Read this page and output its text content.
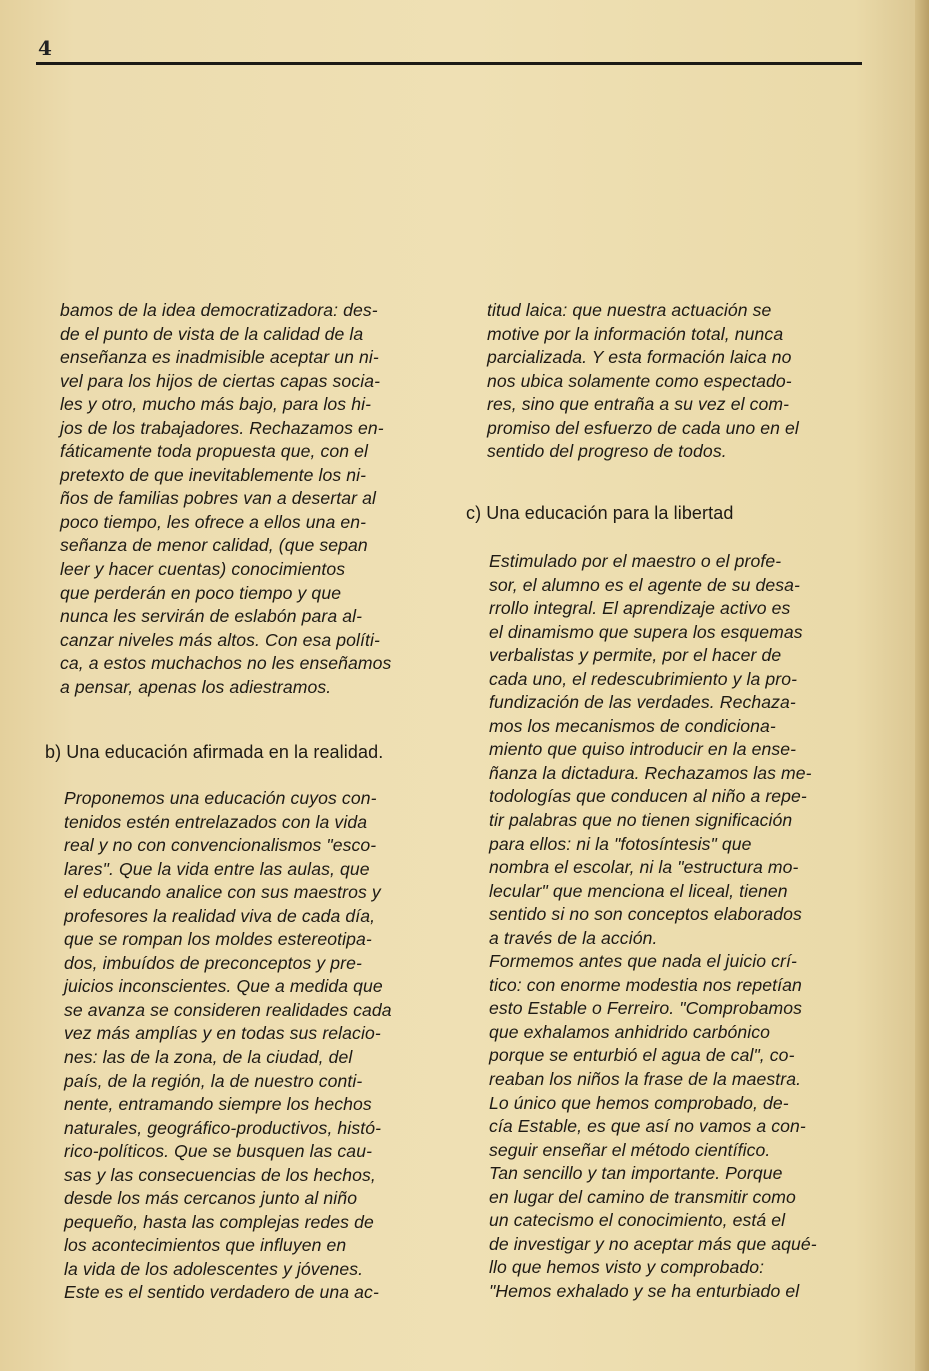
4
bamos de la idea democratizadora: des-
de el punto de vista de la calidad de la
enseñanza es inadmisible aceptar un ni-
vel para los hijos de ciertas capas socia-
les y otro, mucho más bajo, para los hi-
jos de los trabajadores. Rechazamos en-
fáticamente toda propuesta que, con el
pretexto de que inevitablemente los ni-
ños de familias pobres van a desertar al
poco tiempo, les ofrece a ellos una en-
señanza de menor calidad, (que sepan
leer y hacer cuentas) conocimientos
que perderán en poco tiempo y que
nunca les servirán de eslabón para al-
canzar niveles más altos. Con esa políti-
ca, a estos muchachos no les enseñamos
a pensar, apenas los adiestramos.
b) Una educación afirmada en la realidad.
Proponemos una educación cuyos con-
tenidos estén entrelazados con la vida
real y no con convencionalismos "esco-
lares". Que la vida entre las aulas, que
el educando analice con sus maestros y
profesores la realidad viva de cada día,
que se rompan los moldes estereotipa-
dos, imbuídos de preconceptos y pre-
juicios inconscientes. Que a medida que
se avanza se consideren realidades cada
vez más amplías y en todas sus relacio-
nes: las de la zona, de la ciudad, del
país, de la región, la de nuestro conti-
nente, entramando siempre los hechos
naturales, geográfico-productivos, histó-
rico-políticos. Que se busquen las cau-
sas y las consecuencias de los hechos,
desde los más cercanos junto al niño
pequeño, hasta las complejas redes de
los acontecimientos que influyen en
la vida de los adolescentes y jóvenes.
Este es el sentido verdadero de una ac-
titud laica: que nuestra actuación se
motive por la información total, nunca
parcializada. Y esta formación laica no
nos ubica solamente como espectado-
res, sino que entraña a su vez el com-
promiso del esfuerzo de cada uno en el
sentido del progreso de todos.
c) Una educación para la libertad
Estimulado por el maestro o el profe-
sor, el alumno es el agente de su desa-
rrollo integral. El aprendizaje activo es
el dinamismo que supera los esquemas
verbalistas y permite, por el hacer de
cada uno, el redescubrimiento y la pro-
fundización de las verdades. Rechaza-
mos los mecanismos de condiciona-
miento que quiso introducir en la ense-
ñanza la dictadura. Rechazamos las me-
todologías que conducen al niño a repe-
tir palabras que no tienen significación
para ellos: ni la "fotosíntesis" que
nombra el escolar, ni la "estructura mo-
lecular" que menciona el liceal, tienen
sentido si no son conceptos elaborados
a través de la acción.
Formemos antes que nada el juicio crí-
tico: con enorme modestia nos repetían
esto Estable o Ferreiro. "Comprobamos
que exhalamos anhidrido carbónico
porque se enturbió el agua de cal", co-
reaban los niños la frase de la maestra.
Lo único que hemos comprobado, de-
cía Estable, es que así no vamos a con-
seguir enseñar el método científico.
Tan sencillo y tan importante. Porque
en lugar del camino de transmitir como
un catecismo el conocimiento, está el
de investigar y no aceptar más que aqué-
llo que hemos visto y comprobado:
"Hemos exhalado y se ha enturbiado el
